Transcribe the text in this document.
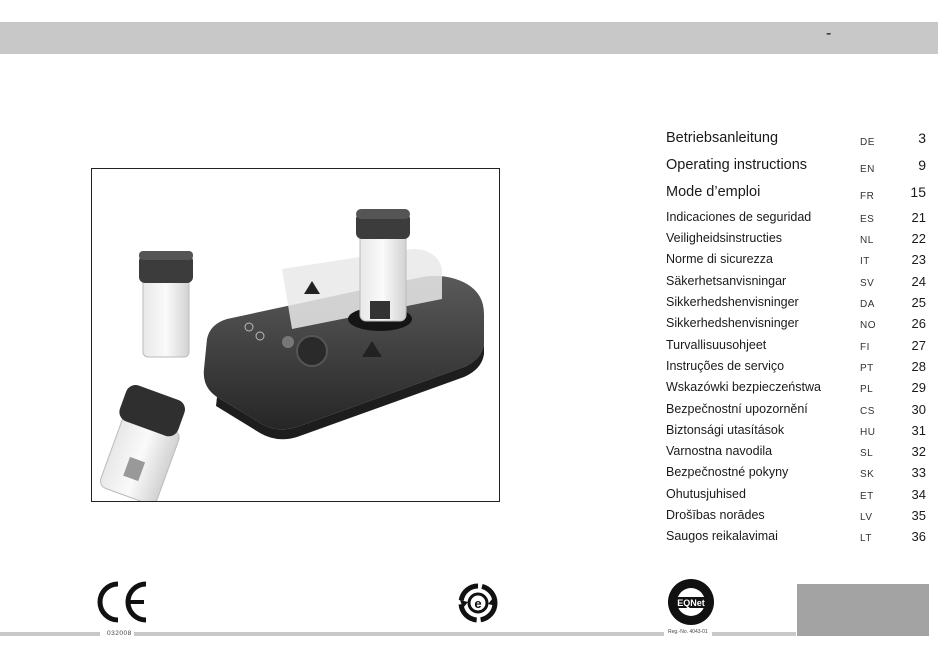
-
Betriebsanleitung	DE	3
Operating instructions	EN	9
Mode d’emploi	FR	15
Indicaciones de seguridad	ES	21
Veiligheidsinstructies	NL	22
Norme di sicurezza	IT	23
Säkerhetsanvisningar	SV	24
Sikkerhedshenvisninger	DA	25
Sikkerhedshenvisninger	NO	26
Turvallisuusohjeet	FI	27
Instruções de serviço	PT	28
Wskazówki bezpieczeństwa	PL	29
Bezpečnostní upozornění	CS	30
Biztonsági utasítások	HU	31
Varnostna navodila	SL	32
Bezpečnostné pokyny	SK	33
Ohutusjuhised	ET	34
Drošības norādes	LV	35
Saugos reikalavimai	LT	36
e	EQNet
032008	Reg.-No. 4043-01
